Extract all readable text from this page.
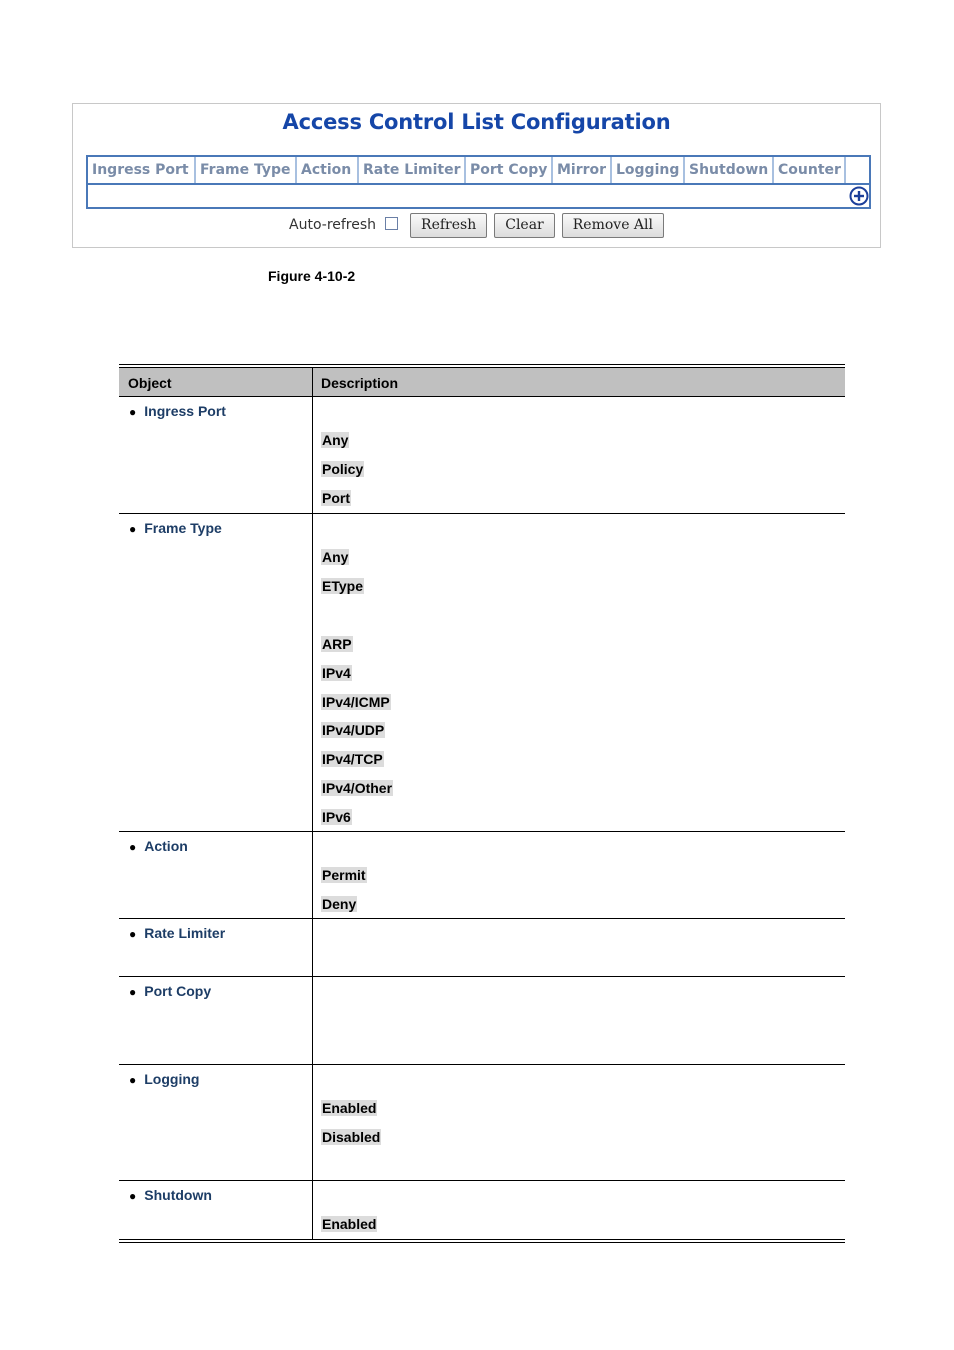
Access Control List Configuration
Ingress Port Frame Type Action Rate Limiter Port Copy Mirror Logging Shutdown Counter
Auto-refresh	Refresh	Clear	Remove All
Figure 4-10-2
Object	Description
● Ingress Port
Any
Policy
Port
● Frame Type
Any
EType
ARP
IPv4
IPv4/ICMP
IPv4/UDP
IPv4/TCP
IPv4/Other
IPv6
● Action
Permit
Deny
● Rate Limiter
● Port Copy
● Logging
Enabled
Disabled
● Shutdown
Enabled
